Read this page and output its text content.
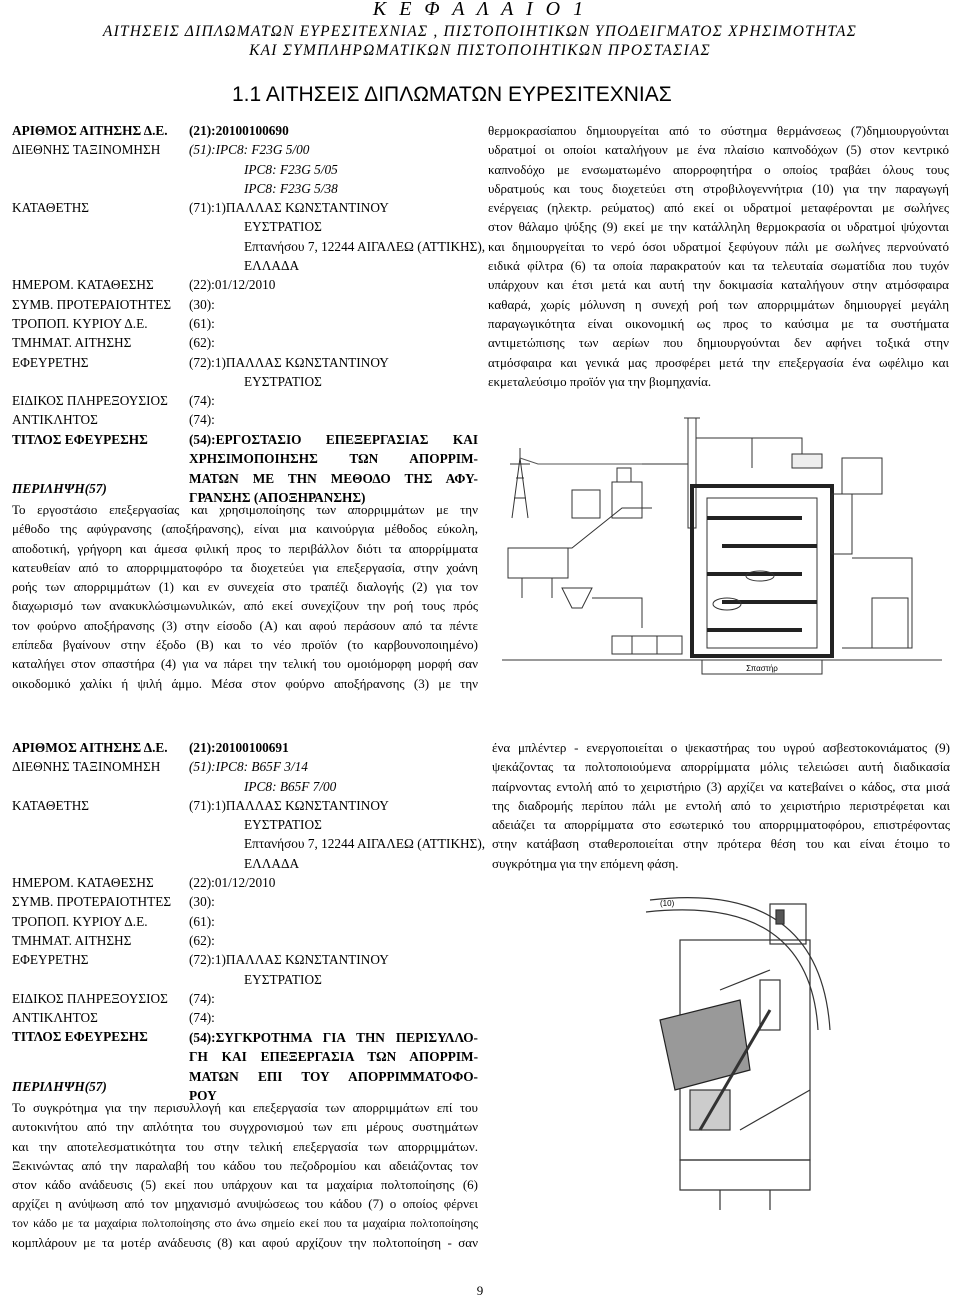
Κ Ε Φ Α Λ Α Ι Ο 1
ΑΙΤΗΣΕΙΣ ΔΙΠΛΩΜΑΤΩΝ ΕΥΡΕΣΙΤΕΧΝΙΑΣ , ΠΙΣΤΟΠΟΙΗΤΙΚΩΝ ΥΠΟΔΕΙΓΜΑΤΟΣ ΧΡΗΣΙΜΟΤΗΤΑΣ
ΚΑΙ ΣΥΜΠΛΗΡΩΜΑΤΙΚΩΝ ΠΙΣΤΟΠΟΙΗΤΙΚΩΝ ΠΡΟΣΤΑΣΙΑΣ
1.1 ΑΙΤΗΣΕΙΣ ΔΙΠΛΩΜΑΤΩΝ ΕΥΡΕΣΙΤΕΧΝΙΑΣ
ΑΡΙΘΜΟΣ ΑΙΤΗΣΗΣ Δ.Ε. (21):20100100690
ΔΙΕΘΝΗΣ ΤΑΞΙΝΟΜΗΣΗ (51):IPC8: F23G 5/00
IPC8: F23G 5/05
IPC8: F23G 5/38
ΚΑΤΑΘΕΤΗΣ	(71):1)ΠΑΛΛΑΣ ΚΩΝΣΤΑΝΤΙΝΟΥ
ΕΥΣΤΡΑΤΙΟΣ
Επτανήσου 7, 12244 ΑΙΓΑΛΕΩ (ΑΤΤΙΚΗΣ),
ΕΛΛΑΔΑ
ΗΜΕΡΟΜ. ΚΑΤΑΘΕΣΗΣ	(22):01/12/2010
ΣΥΜΒ. ΠΡΟΤΕΡΑΙΟΤΗΤΕΣ (30):
ΤΡΟΠΟΠ. ΚΥΡΙΟΥ Δ.Ε.	(61):
ΤΜΗΜΑΤ. ΑΙΤΗΣΗΣ	(62):
ΕΦΕΥΡΕΤΗΣ	(72):1)ΠΑΛΛΑΣ ΚΩΝΣΤΑΝΤΙΝΟΥ
ΕΥΣΤΡΑΤΙΟΣ
ΕΙΔΙΚΟΣ ΠΛΗΡΕΞΟΥΣΙΟΣ (74):
ΑΝΤΙΚΛΗΤΟΣ	(74):
ΤΙΤΛΟΣ ΕΦΕΥΡΕΣΗΣ	(54):ΕΡΓΟΣΤΑΣΙΟ ΕΠΕΞΕΡΓΑΣΙΑΣ ΚΑΙ
ΧΡΗΣΙΜΟΠΟΙΗΣΗΣ ΤΩΝ ΑΠΟΡΡΙΜ-
ΜΑΤΩΝ ΜΕ ΤΗΝ ΜΕΘΟΔΟ ΤΗΣ ΑΦΥ-
ΓΡΑΝΣΗΣ (ΑΠΟΞΗΡΑΝΣΗΣ)
ΠΕΡΙΛΗΨΗ(57)
Το εργοστάσιο επεξεργασίας και χρησιμοποίησης των απορριμμάτων με την
μέθοδο της αφύγρανσης (αποξήρανσης), είναι μια καινούργια μέθοδος εύκολη,
αποδοτική, γρήγορη και άμεσα φιλική προς το περιβάλλον διότι τα απορρίμματα
κατευθείαν από το απορριμματοφόρο τα διοχετεύει για επεξεργασία, στην χοάνη
ροής των απορριμμάτων (1) και εν συνεχεία στο τραπέζι διαλογής (2) για τον
διαχωρισμό των ανακυκλώσιμωνυλικών, από εκεί συνεχίζουν την ροή τους πρός
τον φούρνο αποξήρανσης (3) στην είσοδο (Α) και αφού περάσουν από τα πέντε
επίπεδα βγαίνουν στην έξοδο (Β) και το νέο προϊόν (το καρβουνοποιημένο)
καταλήγει στον σπαστήρα (4) για να πάρει την τελική του ομοιόμορφη μορφή σαν
οικοδομικό χαλίκι ή ψιλή άμμο. Μέσα στον φούρνο αποξήρανσης (3) με την
θερμοκρασίαπου δημιουργείται από το σύστημα θερμάνσεως (7)δημιουργούνται
υδρατμοί οι οποίοι καταλήγουν με ένα πλαίσιο καπνοδόχων (5) στον κεντρικό
καπνοδόχο με ενσωματωμένο απορροφητήρα ο οποίος τραβάει όλους τους
υδρατμούς και τους διοχετεύει στη στροβιλογεννήτρια (10) για την παραγωγή
ενέργειας (ηλεκτρ. ρεύματος) από εκεί οι υδρατμοί μεταφέρονται με σωλήνες
στον θάλαμο ψύξης (9) εκεί με την κατάλληλη θερμοκρασία οι υδρατμοί ψύχονται
και δημιουργείται το νερό όσοι υδρατμοί ξεφύγουν πάλι με σωλήνες περνούνατό
ειδικά φίλτρα (6) τα οποία παρακρατούν και τα τελευταία σωματίδια που τυχόν
υπάρχουν και έτσι μετά και αυτή την δοκιμασία καταλήγουν στην ατμόσφαιρα
καθαρά, χωρίς μόλυνση η συνεχή ροή των απορριμμάτων δημιουργεί μεγάλη
παραγωγικότητα είναι οικονομική ως προς το καύσιμα με τα συστήματα
αντιμετώπισης των αερίων που δημιουργούνται δεν αφήνει τοξικά στην
ατμόσφαιρα και γενικά μας προσφέρει μετά την επεξεργασία ένα ωφέλιμο και
εκμεταλεύσιμο προϊόν για την βιομηχανία.
Σπαστήρ
ΑΡΙΘΜΟΣ ΑΙΤΗΣΗΣ Δ.Ε. (21):20100100691
ΔΙΕΘΝΗΣ ΤΑΞΙΝΟΜΗΣΗ (51):IPC8: B65F 3/14
IPC8: B65F 7/00
ΚΑΤΑΘΕΤΗΣ	(71):1)ΠΑΛΛΑΣ ΚΩΝΣΤΑΝΤΙΝΟΥ
ΕΥΣΤΡΑΤΙΟΣ
Επτανήσου 7, 12244 ΑΙΓΑΛΕΩ (ΑΤΤΙΚΗΣ),
ΕΛΛΑΔΑ
ΗΜΕΡΟΜ. ΚΑΤΑΘΕΣΗΣ	(22):01/12/2010
ΣΥΜΒ. ΠΡΟΤΕΡΑΙΟΤΗΤΕΣ (30):
ΤΡΟΠΟΠ. ΚΥΡΙΟΥ Δ.Ε.	(61):
ΤΜΗΜΑΤ. ΑΙΤΗΣΗΣ	(62):
ΕΦΕΥΡΕΤΗΣ	(72):1)ΠΑΛΛΑΣ ΚΩΝΣΤΑΝΤΙΝΟΥ
ΕΥΣΤΡΑΤΙΟΣ
ΕΙΔΙΚΟΣ ΠΛΗΡΕΞΟΥΣΙΟΣ (74):
ΑΝΤΙΚΛΗΤΟΣ	(74):
ΤΙΤΛΟΣ ΕΦΕΥΡΕΣΗΣ	(54):ΣΥΓΚΡΟΤΗΜΑ ΓΙΑ ΤΗΝ ΠΕΡΙΣΥΛΛΟ-
ΓΗ ΚΑΙ ΕΠΕΞΕΡΓΑΣΙΑ ΤΩΝ ΑΠΟΡΡΙΜ-
ΜΑΤΩΝ ΕΠΙ ΤΟΥ ΑΠΟΡΡΙΜΜΑΤΟΦΟ-
ΡΟΥ
ΠΕΡΙΛΗΨΗ(57)
Το συγκρότημα για την περισυλλογή και επεξεργασία των απορριμμάτων επί του
αυτοκινήτου από την απλότητα του συγχρονισμού των επι μέρους συστημάτων
και την αποτελεσματικότητα του στην τελική επεξεργασία των απορριμμάτων.
Ξεκινώντας από την παραλαβή του κάδου του πεζοδρομίου και αδειάζοντας τον
στον κάδο ανάδευσις (5) εκεί που υπάρχουν και τα μαχαίρια πολτοποίησης (6)
αρχίζει η ανύψωση από τον μηχανισμό ανυψώσεως του κάδου (7) ο οποίος φέρνει
τον κάδο με τα μαχαίρια πολτοποίησης στο άνω σημείο εκεί που τα μαχαίρια πολτοποίησης
κομπλάρουν με τα μοτέρ ανάδευσις (8) και αφού αρχίζουν την πολτοποίηση - σαν
ένα μπλέντερ - ενεργοποιείται ο ψεκαστήρας του υγρού ασβεστοκονιάματος (9)
ψεκάζοντας τα πολτοποιούμενα απορρίμματα μόλις τελειώσει αυτή διαδικασία
παίρνοντας εντολή από το χειριστήριο (3) αρχίζει να κατεβαίνει ο κάδος, στα μισά
της διαδρομής περίπου πάλι με εντολή από το χειριστήριο περιστρέφεται και
αδειάζει τα απορρίμματα στο εσωτερικό του απορριμματοφόρου, επιστρέφοντας
στην κατάβαση σταθεροποιείται στην πρότερα θέση του και είναι έτοιμο το
συγκρότημα για την επόμενη φάση.
(10)
9
